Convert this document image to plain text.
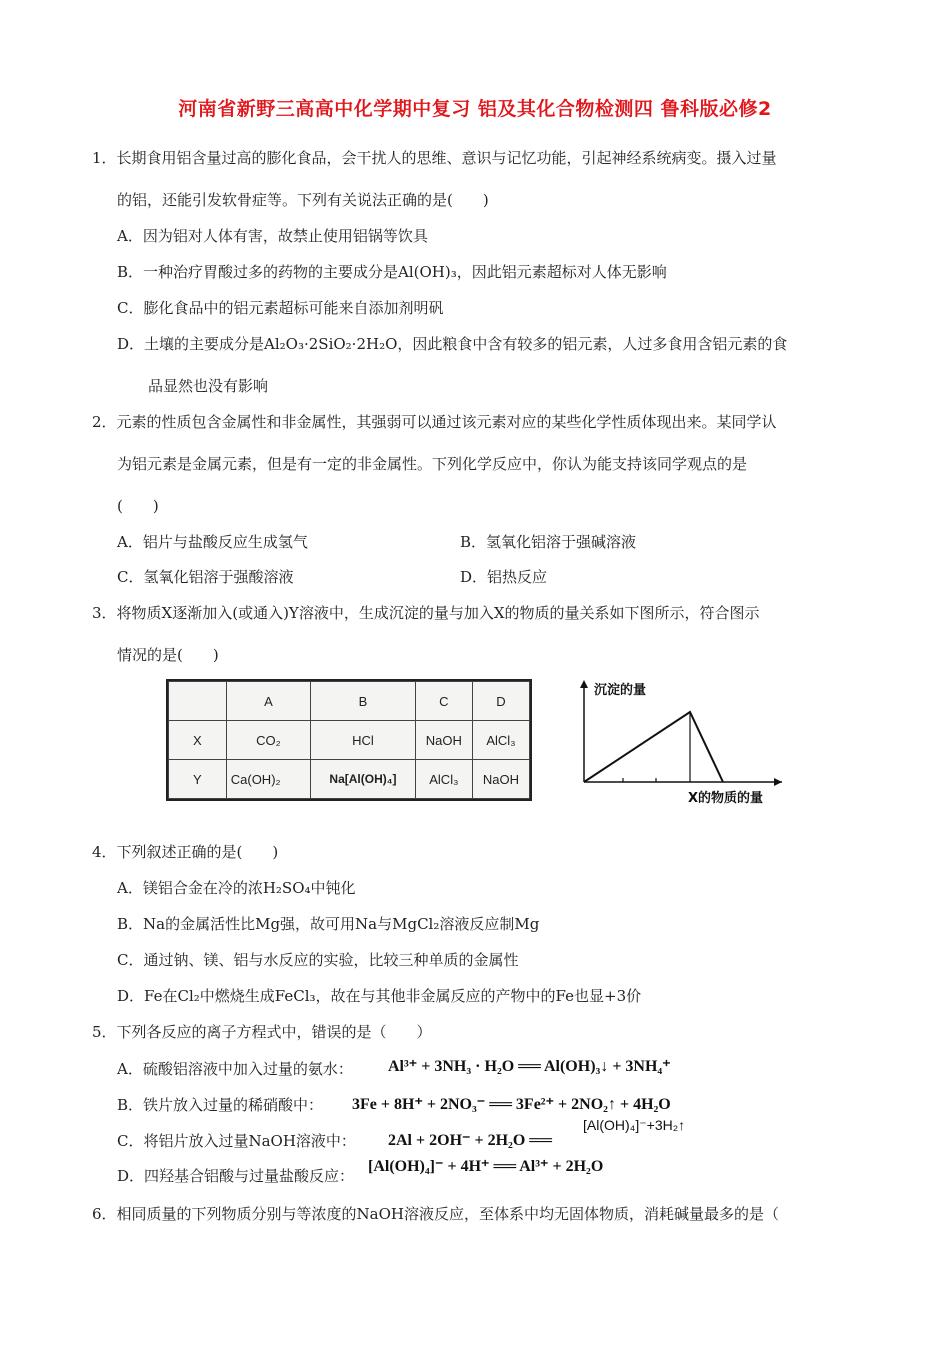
河南省新野三高高中化学期中复习 铝及其化合物检测四 鲁科版必修2
1．长期食用铝含量过高的膨化食品，会干扰人的思维、意识与记忆功能，引起神经系统病变。摄入过量
的铝，还能引发软骨症等。下列有关说法正确的是(　　)
A．因为铝对人体有害，故禁止使用铝锅等饮具
B．一种治疗胃酸过多的药物的主要成分是Al(OH)₃，因此铝元素超标对人体无影响
C．膨化食品中的铝元素超标可能来自添加剂明矾
D．土壤的主要成分是Al₂O₃·2SiO₂·2H₂O，因此粮食中含有较多的铝元素，人过多食用含铝元素的食
品显然也没有影响
2．元素的性质包含金属性和非金属性，其强弱可以通过该元素对应的某些化学性质体现出来。某同学认
为铝元素是金属元素，但是有一定的非金属性。下列化学反应中，你认为能支持该同学观点的是
(　　)
A．铝片与盐酸反应生成氢气	B．氢氧化铝溶于强碱溶液
C．氢氧化铝溶于强酸溶液	D．铝热反应
3．将物质X逐渐加入(或通入)Y溶液中，生成沉淀的量与加入X的物质的量关系如下图所示，符合图示
情况的是(　　)
	A	B	C	D
X	CO₂	HCl	NaOH	AlCl₃
Y	Ca(OH)₂	Na[Al(OH)₄]	AlCl₃	NaOH
沉淀的量
X的物质的量
4．下列叙述正确的是(　　)
A．镁铝合金在冷的浓H₂SO₄中钝化
B．Na的金属活性比Mg强，故可用Na与MgCl₂溶液反应制Mg
C．通过钠、镁、铝与水反应的实验，比较三种单质的金属性
D．Fe在Cl₂中燃烧生成FeCl₃，故在与其他非金属反应的产物中的Fe也显+3价
5．下列各反应的离子方程式中，错误的是（　　）
A．硫酸铝溶液中加入过量的氨水： Al³⁺ + 3NH₃ · H₂O ══ Al(OH)₃↓ + 3NH₄⁺
B．铁片放入过量的稀硝酸中： 3Fe + 8H⁺ + 2NO₃⁻ ══ 3Fe²⁺ + 2NO₂↑ + 4H₂O
C．将铝片放入过量NaOH溶液中： 2Al + 2OH⁻ + 2H₂O ══
[Al(OH)₄]⁻+3H₂↑
D．四羟基合铝酸与过量盐酸反应：
[Al(OH)₄]⁻ + 4H⁺ ══ Al³⁺ + 2H₂O
6．相同质量的下列物质分别与等浓度的NaOH溶液反应，至体系中均无固体物质，消耗碱量最多的是（
